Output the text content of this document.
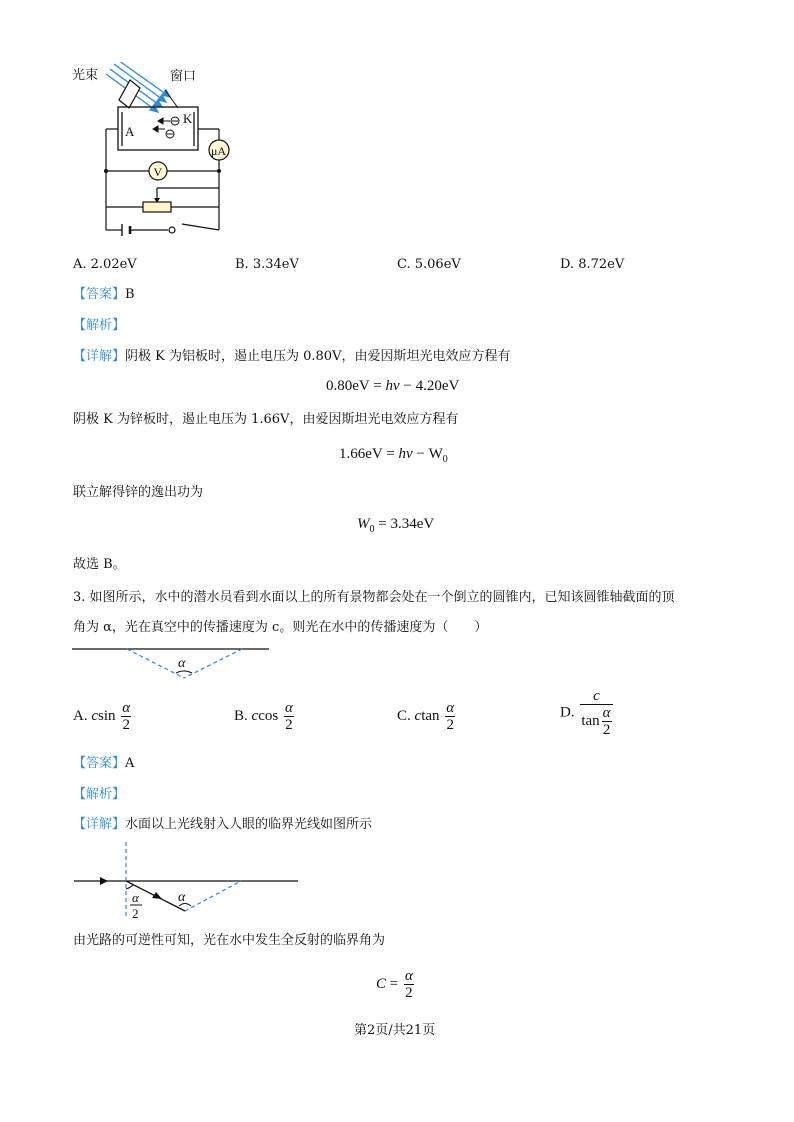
光束	窗口
A
K
V
μA
A. 2.02eV	B. 3.34eV	C. 5.06eV	D. 8.72eV
【答案】B
【解析】
【详解】阴极 K 为铝板时，遏止电压为 0.80V，由爱因斯坦光电效应方程有
0.80eV = hν − 4.20eV
阴极 K 为锌板时，遏止电压为 1.66V，由爱因斯坦光电效应方程有
$1.66eV = h\nu - W_0$
联立解得锌的逸出功为
$W_0 = 3.34eV$
故选 B。
3. 如图所示，水中的潜水员看到水面以上的所有景物都会处在一个倒立的圆锥内，已知该圆锥轴截面的顶
角为 α，光在真空中的传播速度为 c。则光在水中的传播速度为（　　）
α
A. csin $\frac{\alpha}{2}$	B. ccos $\frac{\alpha}{2}$	C. ctan $\frac{\alpha}{2}$	D. $\frac{c}{\tan \frac{\alpha}{2}}$
【答案】A
【解析】
【详解】水面以上光线射入人眼的临界光线如图所示
α
α
2
由光路的可逆性可知，光在水中发生全反射的临界角为
$C = \frac{\alpha}{2}$
第2页/共21页
